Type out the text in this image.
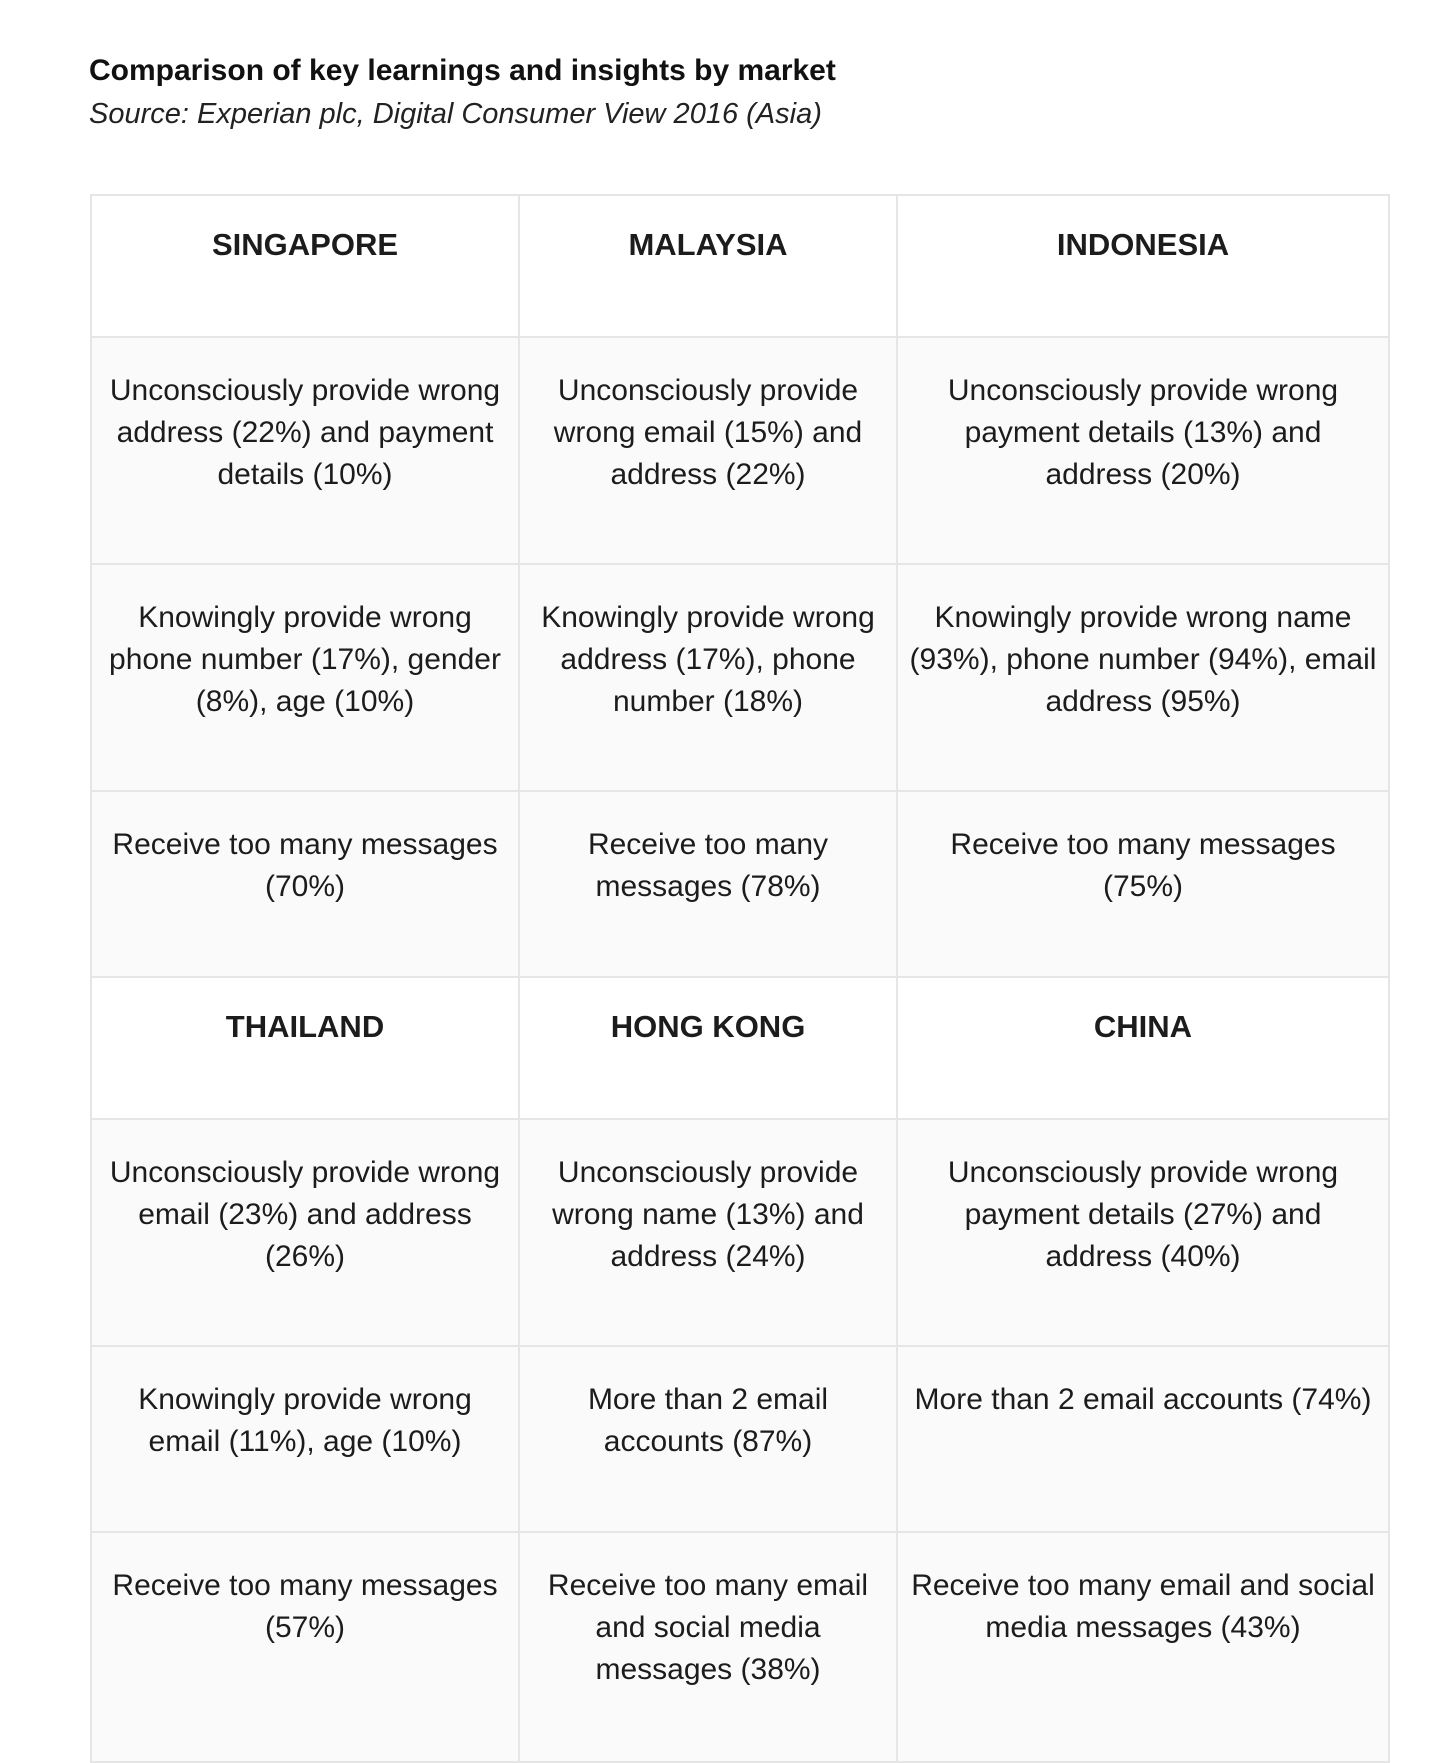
Comparison of key learnings and insights by market

Source: Experian plc, Digital Consumer View 2016 (Asia)

SINGAPORE	MALAYSIA	INDONESIA
Unconsciously provide wrong address (22%) and payment details (10%)	Unconsciously provide wrong email (15%) and address (22%)	Unconsciously provide wrong payment details (13%) and address (20%)
Knowingly provide wrong phone number (17%), gender (8%), age (10%)	Knowingly provide wrong address (17%), phone number (18%)	Knowingly provide wrong name (93%), phone number (94%), email address (95%)
Receive too many messages (70%)	Receive too many messages (78%)	Receive too many messages (75%)
THAILAND	HONG KONG	CHINA
Unconsciously provide wrong email (23%) and address (26%)	Unconsciously provide wrong name (13%) and address (24%)	Unconsciously provide wrong payment details (27%) and address (40%)
Knowingly provide wrong email (11%), age (10%)	More than 2 email accounts (87%)	More than 2 email accounts (74%)
Receive too many messages (57%)	Receive too many email and social media messages (38%)	Receive too many email and social media messages (43%)
